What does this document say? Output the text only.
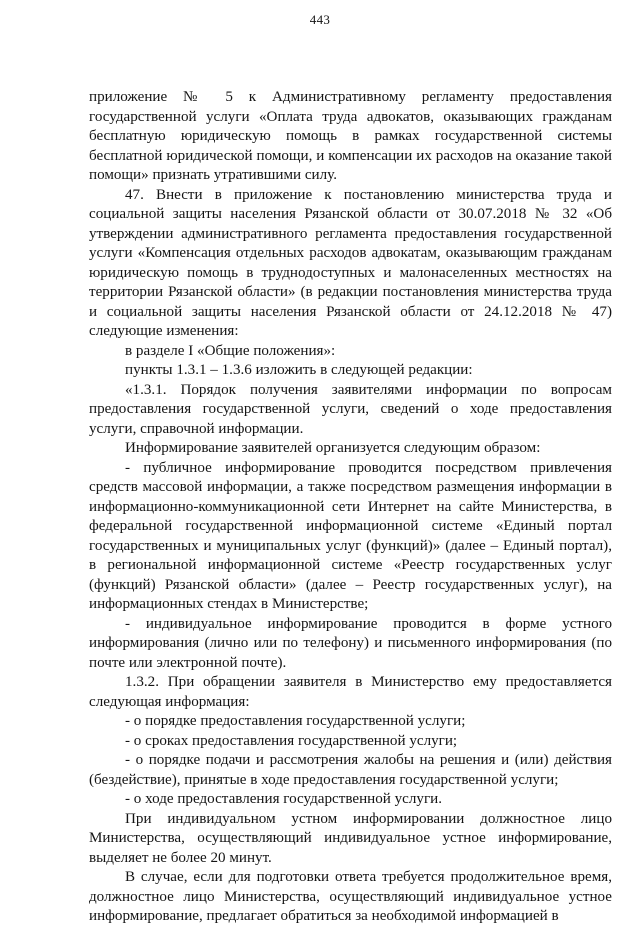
443

приложение № 5 к Административному регламенту предоставления государственной услуги «Оплата труда адвокатов, оказывающих гражданам бесплатную юридическую помощь в рамках государственной системы бесплатной юридической помощи, и компенсации их расходов на оказание такой помощи» признать утратившими силу.

47. Внести в приложение к постановлению министерства труда и социальной защиты населения Рязанской области от 30.07.2018 № 32 «Об утверждении административного регламента предоставления государственной услуги «Компенсация отдельных расходов адвокатам, оказывающим гражданам юридическую помощь в труднодоступных и малонаселенных местностях на территории Рязанской области» (в редакции постановления министерства труда и социальной защиты населения Рязанской области от 24.12.2018 № 47) следующие изменения:

в разделе I «Общие положения»:

пункты 1.3.1 – 1.3.6 изложить в следующей редакции:

«1.3.1. Порядок получения заявителями информации по вопросам предоставления государственной услуги, сведений о ходе предоставления услуги, справочной информации.

Информирование заявителей организуется следующим образом:

- публичное информирование проводится посредством привлечения средств массовой информации, а также посредством размещения информации в информационно-коммуникационной сети Интернет на сайте Министерства, в федеральной государственной информационной системе «Единый портал государственных и муниципальных услуг (функций)» (далее – Единый портал), в региональной информационной системе «Реестр государственных услуг (функций) Рязанской области» (далее – Реестр государственных услуг), на информационных стендах в Министерстве;

- индивидуальное информирование проводится в форме устного информирования (лично или по телефону) и письменного информирования (по почте или электронной почте).

1.3.2. При обращении заявителя в Министерство ему предоставляется следующая информация:

- о порядке предоставления государственной услуги;

- о сроках предоставления государственной услуги;

- о порядке подачи и рассмотрения жалобы на решения и (или) действия (бездействие), принятые в ходе предоставления государственной услуги;

- о ходе предоставления государственной услуги.

При индивидуальном устном информировании должностное лицо Министерства, осуществляющий индивидуальное устное информирование, выделяет не более 20 минут.

В случае, если для подготовки ответа требуется продолжительное время, должностное лицо Министерства, осуществляющий индивидуальное устное информирование, предлагает обратиться за необходимой информацией в
